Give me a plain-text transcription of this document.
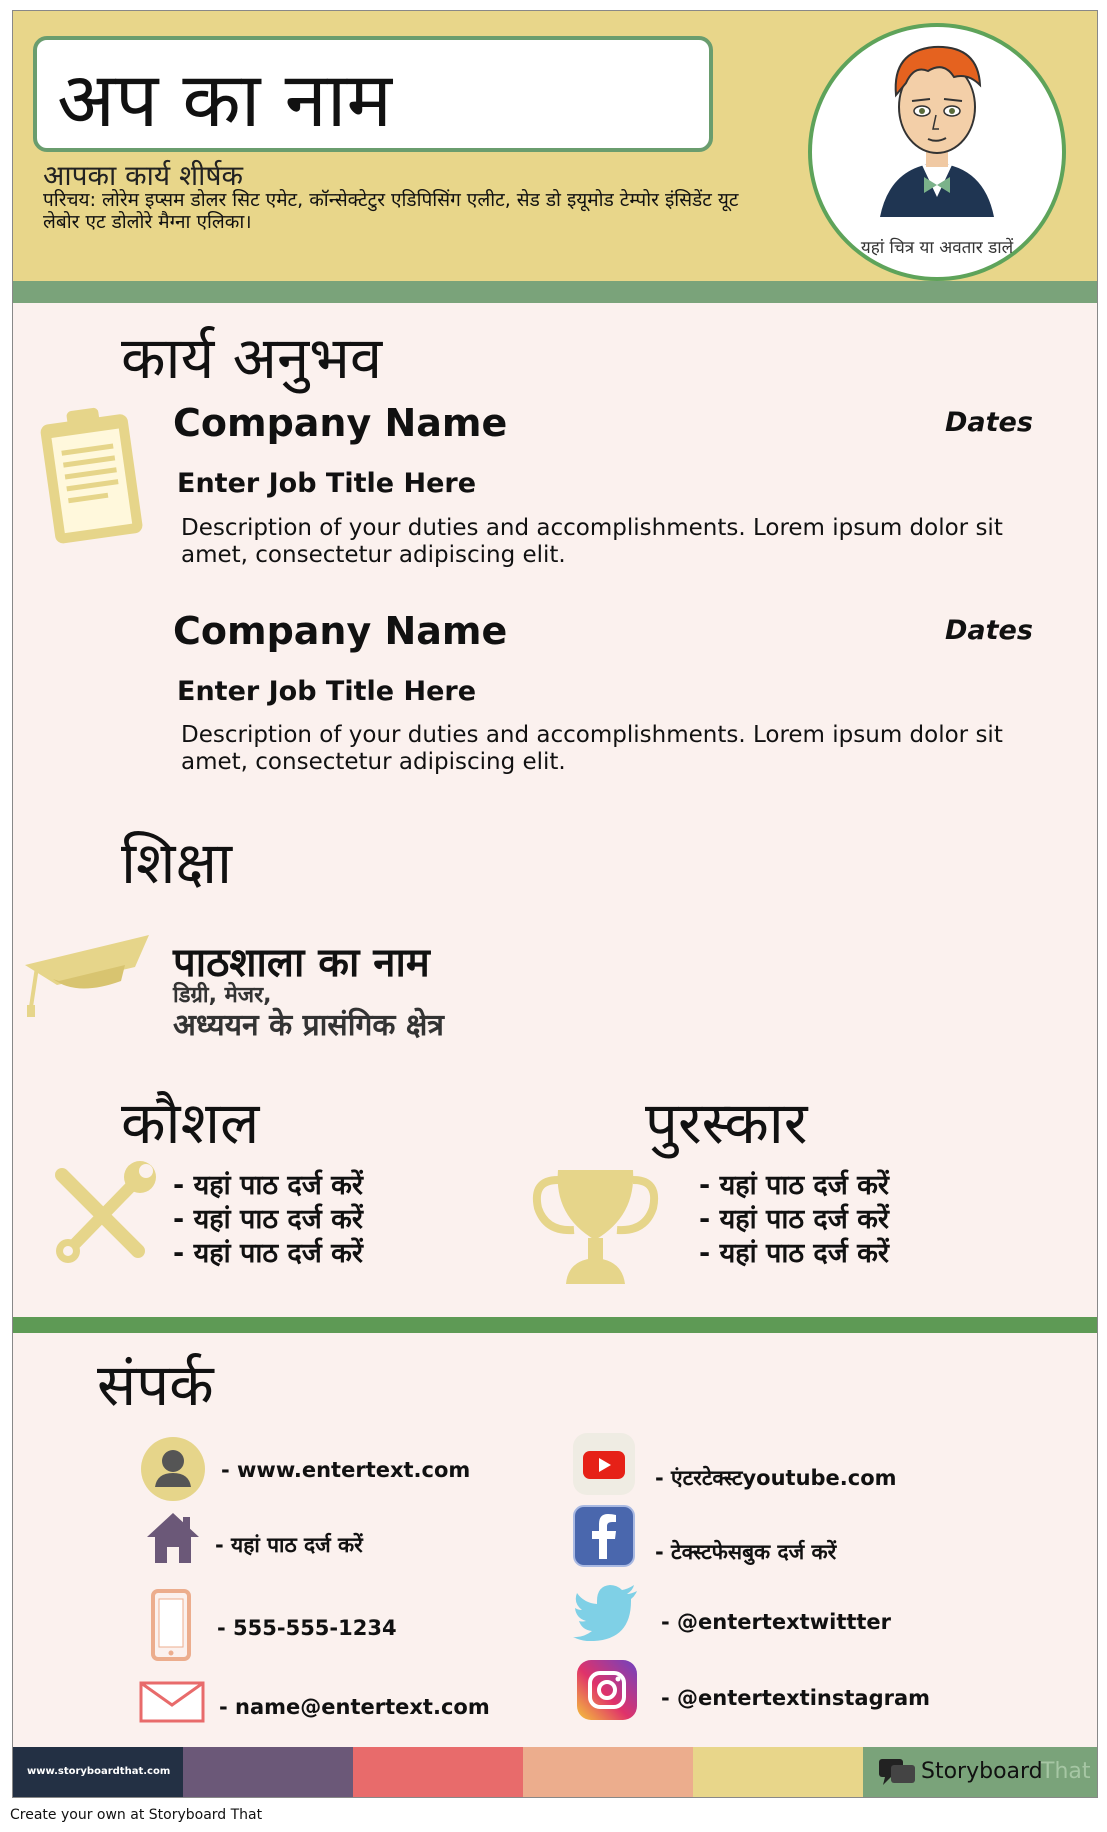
अप का नाम
आपका कार्य शीर्षक
परिचय: लोरेम इप्सम डोलर सिट एमेट, कॉन्सेक्टेटुर एडिपिसिंग एलीट, सेड डो इयूमोड टेम्पोर इंसिडेंट यूट लेबोर एट डोलोरे मैग्ना एलिका।
यहां चित्र या अवतार डालें
कार्य अनुभव
Company Name	Dates
Enter Job Title Here
Description of your duties and accomplishments. Lorem ipsum dolor sit amet, consectetur adipiscing elit.
Company Name	Dates
Enter Job Title Here
Description of your duties and accomplishments. Lorem ipsum dolor sit amet, consectetur adipiscing elit.
शिक्षा
पाठशाला का नाम
डिग्री, मेजर,
अध्ययन के प्रासंगिक क्षेत्र
कौशल
- यहां पाठ दर्ज करें
- यहां पाठ दर्ज करें
- यहां पाठ दर्ज करें
पुरस्कार
- यहां पाठ दर्ज करें
- यहां पाठ दर्ज करें
- यहां पाठ दर्ज करें
संपर्क
- www.entertext.com
- यहां पाठ दर्ज करें
- 555-555-1234
- name@entertext.com
- एंटरटेक्स्टyoutube.com
- टेक्स्टफेसबुक दर्ज करें
- @entertextwittter
- @entertextinstagram
www.storyboardthat.com	Storyboard
That
Create your own at Storyboard That
